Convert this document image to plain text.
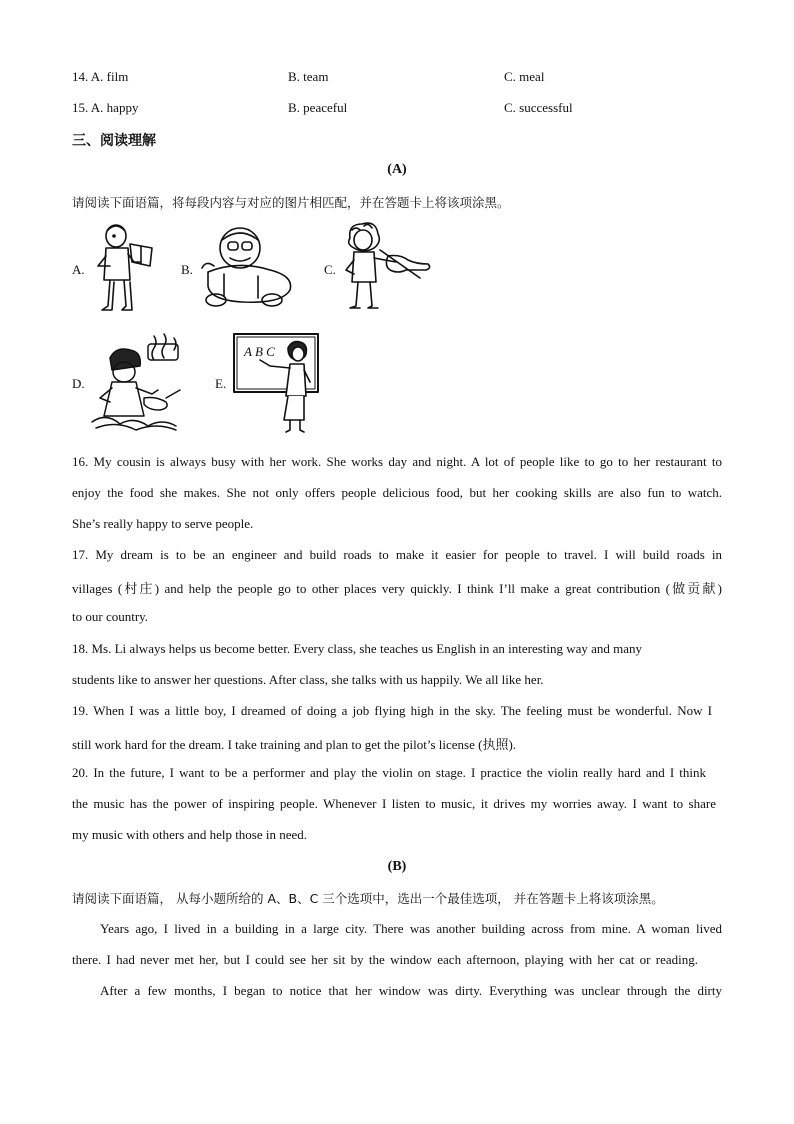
14. A. film	B. team	C. meal
15. A. happy	B. peaceful	C. successful
三、阅读理解
(A)
请阅读下面语篇，将每段内容与对应的图片相匹配，并在答题卡上将该项涂黑。
A.	B.	C.
D.	E.
A B C
16. My cousin is always busy with her work. She works day and night. A lot of people like to go to her restaurant to
enjoy the food she makes. She not only offers people delicious food, but her cooking skills are also fun to watch.
She’s really happy to serve people.
17. My dream is to be an engineer and build roads to make it easier for people to travel. I will build roads in
villages (村庄) and help the people go to other places very quickly. I think I’ll make a great contribution (做贡献)
to our country.
18. Ms. Li always helps us become better. Every class, she teaches us English in an interesting way and many
students like to answer her questions. After class, she talks with us happily. We all like her.
19. When I was a little boy, I dreamed of doing a job flying high in the sky. The feeling must be wonderful. Now I
still work hard for the dream. I take training and plan to get the pilot’s license (执照).
20. In the future, I want to be a performer and play the violin on stage. I practice the violin really hard and I think
the music has the power of inspiring people. Whenever I listen to music, it drives my worries away. I want to share
my music with others and help those in need.
(B)
请阅读下面语篇， 从每小题所给的 A、B、C 三个选项中，选出一个最佳选项， 并在答题卡上将该项涂黑。
Years ago, I lived in a building in a large city. There was another building across from mine. A woman lived
there. I had never met her, but I could see her sit by the window each afternoon, playing with her cat or reading.
After a few months, I began to notice that her window was dirty. Everything was unclear through the dirty
